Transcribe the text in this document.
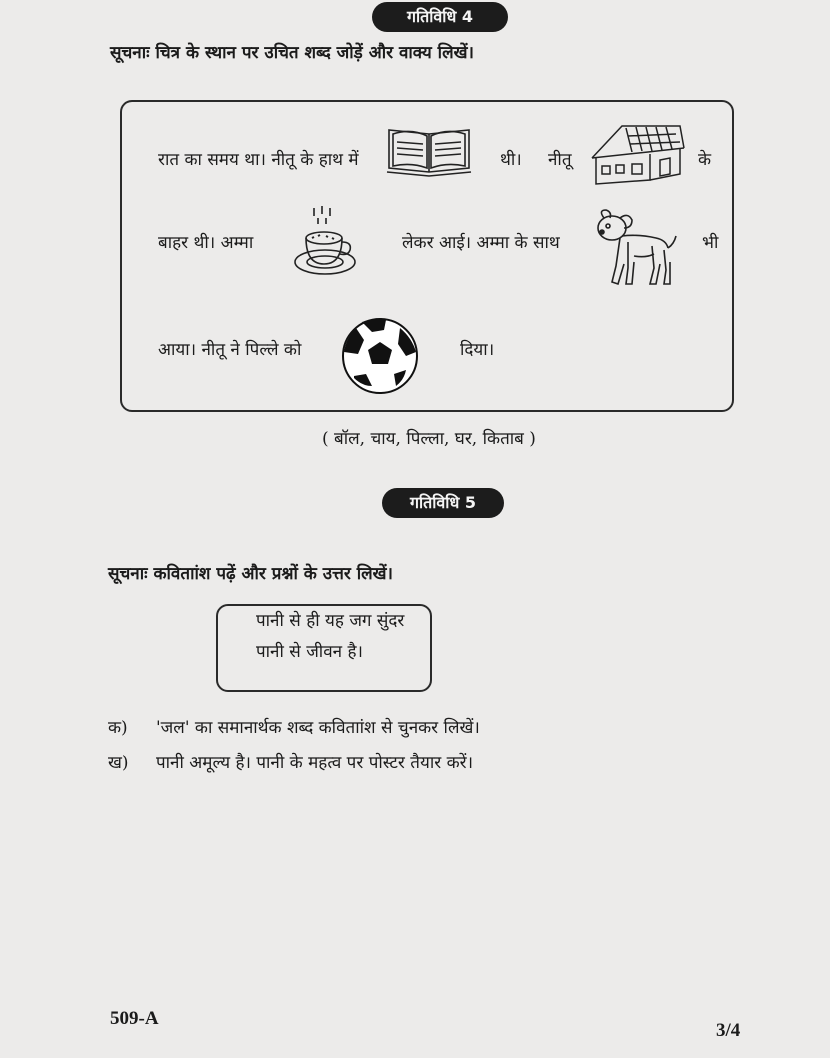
गतिविधि 4
सूचनाः चित्र के स्थान पर उचित शब्द जोड़ें और वाक्य लिखें।
रात का समय था। नीतू के हाथ में	थी। नीतू	के
बाहर थी। अम्मा	लेकर आई। अम्मा के साथ	भी
आया। नीतू ने पिल्ले को	दिया।
( बॉल, चाय, पिल्ला, घर, किताब )
गतिविधि 5
सूचनाः कविताांश पढ़ें और प्रश्नों के उत्तर लिखें।
पानी से ही यह जग सुंदर
पानी से जीवन है।
क) 'जल' का समानार्थक शब्द कविताांश से चुनकर लिखें।
ख) पानी अमूल्य है। पानी के महत्व पर पोस्टर तैयार करें।
509-A
3/4
